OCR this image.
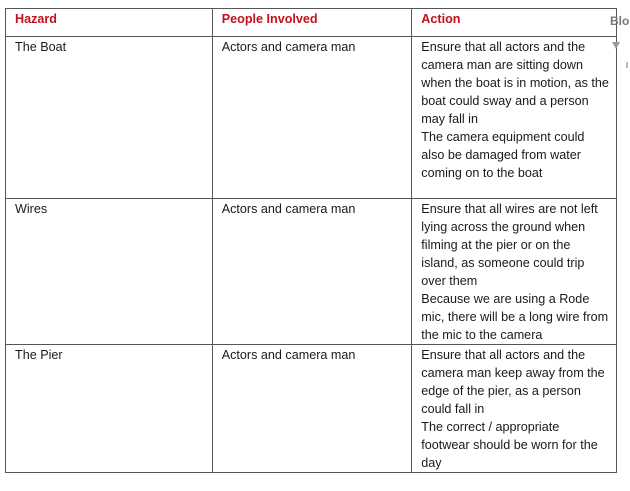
Hazard	People Involved	Action
The Boat	Actors and camera man	Ensure that all actors and the camera man are sitting down when the boat is in motion, as the boat could sway and a person may fall in
The camera equipment could also be damaged from water coming on to the boat

Wires	Actors and camera man	Ensure that all wires are not left lying across the ground when filming at the pier or on the island, as someone could trip over them
Because we are using a Rode mic, there will be a long wire from the mic to the camera

The Pier	Actors and camera man	Ensure that all actors and the camera man keep away from the edge of the pier, as a person could fall in
The correct / appropriate footwear should be worn for the day
Blo
